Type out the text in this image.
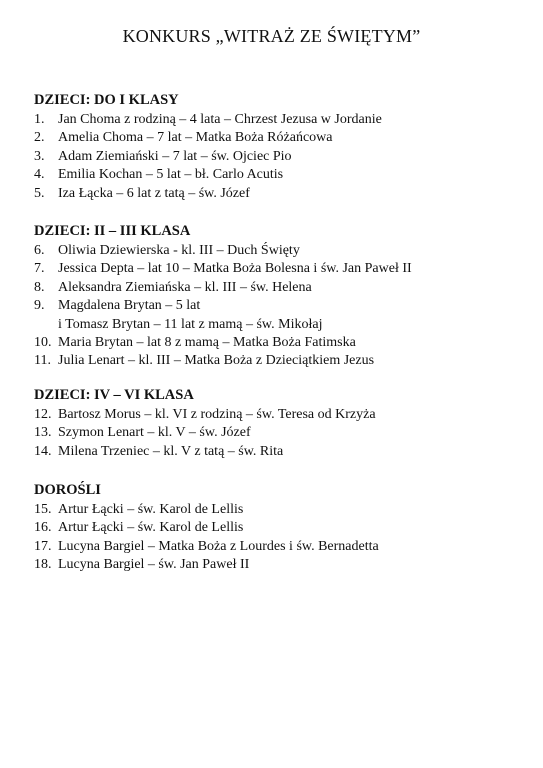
KONKURS „WITRAŻ ZE ŚWIĘTYM”
DZIECI: DO I KLASY
1. Jan Choma z rodziną – 4 lata – Chrzest Jezusa w Jordanie
2. Amelia Choma – 7 lat – Matka Boża Różańcowa
3. Adam Ziemiański – 7 lat – św. Ojciec Pio
4. Emilia Kochan – 5 lat – bł. Carlo Acutis
5. Iza Łącka – 6 lat z tatą – św. Józef
DZIECI: II – III KLASA
6. Oliwia Dziewierska - kl. III – Duch Święty
7. Jessica Depta – lat 10 – Matka Boża Bolesna i św. Jan Paweł II
8. Aleksandra Ziemiańska – kl. III – św. Helena
9. Magdalena Brytan – 5 lat
i Tomasz Brytan – 11 lat z mamą – św. Mikołaj
10. Maria Brytan – lat 8 z mamą – Matka Boża Fatimska
11. Julia Lenart – kl. III – Matka Boża z Dzieciątkiem Jezus
DZIECI: IV – VI KLASA
12. Bartosz Morus – kl. VI z rodziną – św. Teresa od Krzyża
13. Szymon Lenart – kl. V – św. Józef
14. Milena Trzeniec – kl. V z tatą – św. Rita
DOROŚLI
15. Artur Łącki – św. Karol de Lellis
16. Artur Łącki – św. Karol de Lellis
17. Lucyna Bargiel – Matka Boża z Lourdes i św. Bernadetta
18. Lucyna Bargiel – św. Jan Paweł II
